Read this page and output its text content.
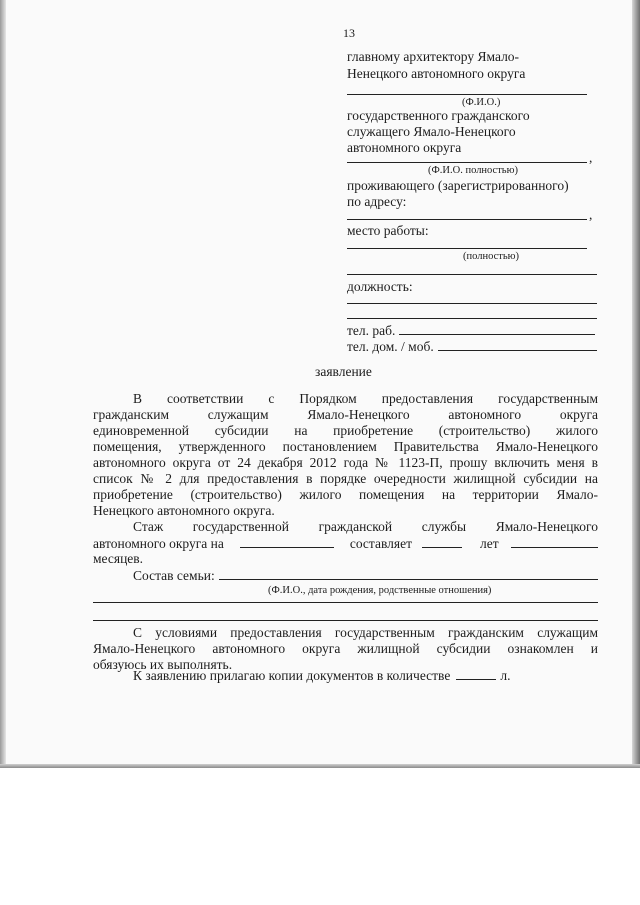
13
главному архитектору Ямало-
Ненецкого автономного округа
(Ф.И.О.)
государственного гражданского
служащего Ямало-Ненецкого
автономного округа
,
(Ф.И.О. полностью)
проживающего (зарегистрированного)
по адресу:
,
место работы:
(полностью)
должность:
тел. раб.
тел. дом. / моб.
заявление
В соответствии с Порядком предоставления государственным
гражданским служащим Ямало-Ненецкого автономного округа
единовременной субсидии на приобретение (строительство) жилого
помещения, утвержденного постановлением Правительства Ямало-Ненецкого
автономного округа от 24 декабря 2012 года № 1123-П, прошу включить меня в
список № 2 для предоставления в порядке очередности жилищной субсидии на
приобретение (строительство) жилого помещения на территории Ямало-
Ненецкого автономного округа.
Стаж государственной гражданской службы Ямало-Ненецкого
автономного округа на	составляет	лет
месяцев.
Состав семьи:
(Ф.И.О., дата рождения, родственные отношения)
С условиями предоставления государственным гражданским служащим
Ямало-Ненецкого автономного округа жилищной субсидии ознакомлен и
обязуюсь их выполнять.
К заявлению прилагаю копии документов в количестве	л.
